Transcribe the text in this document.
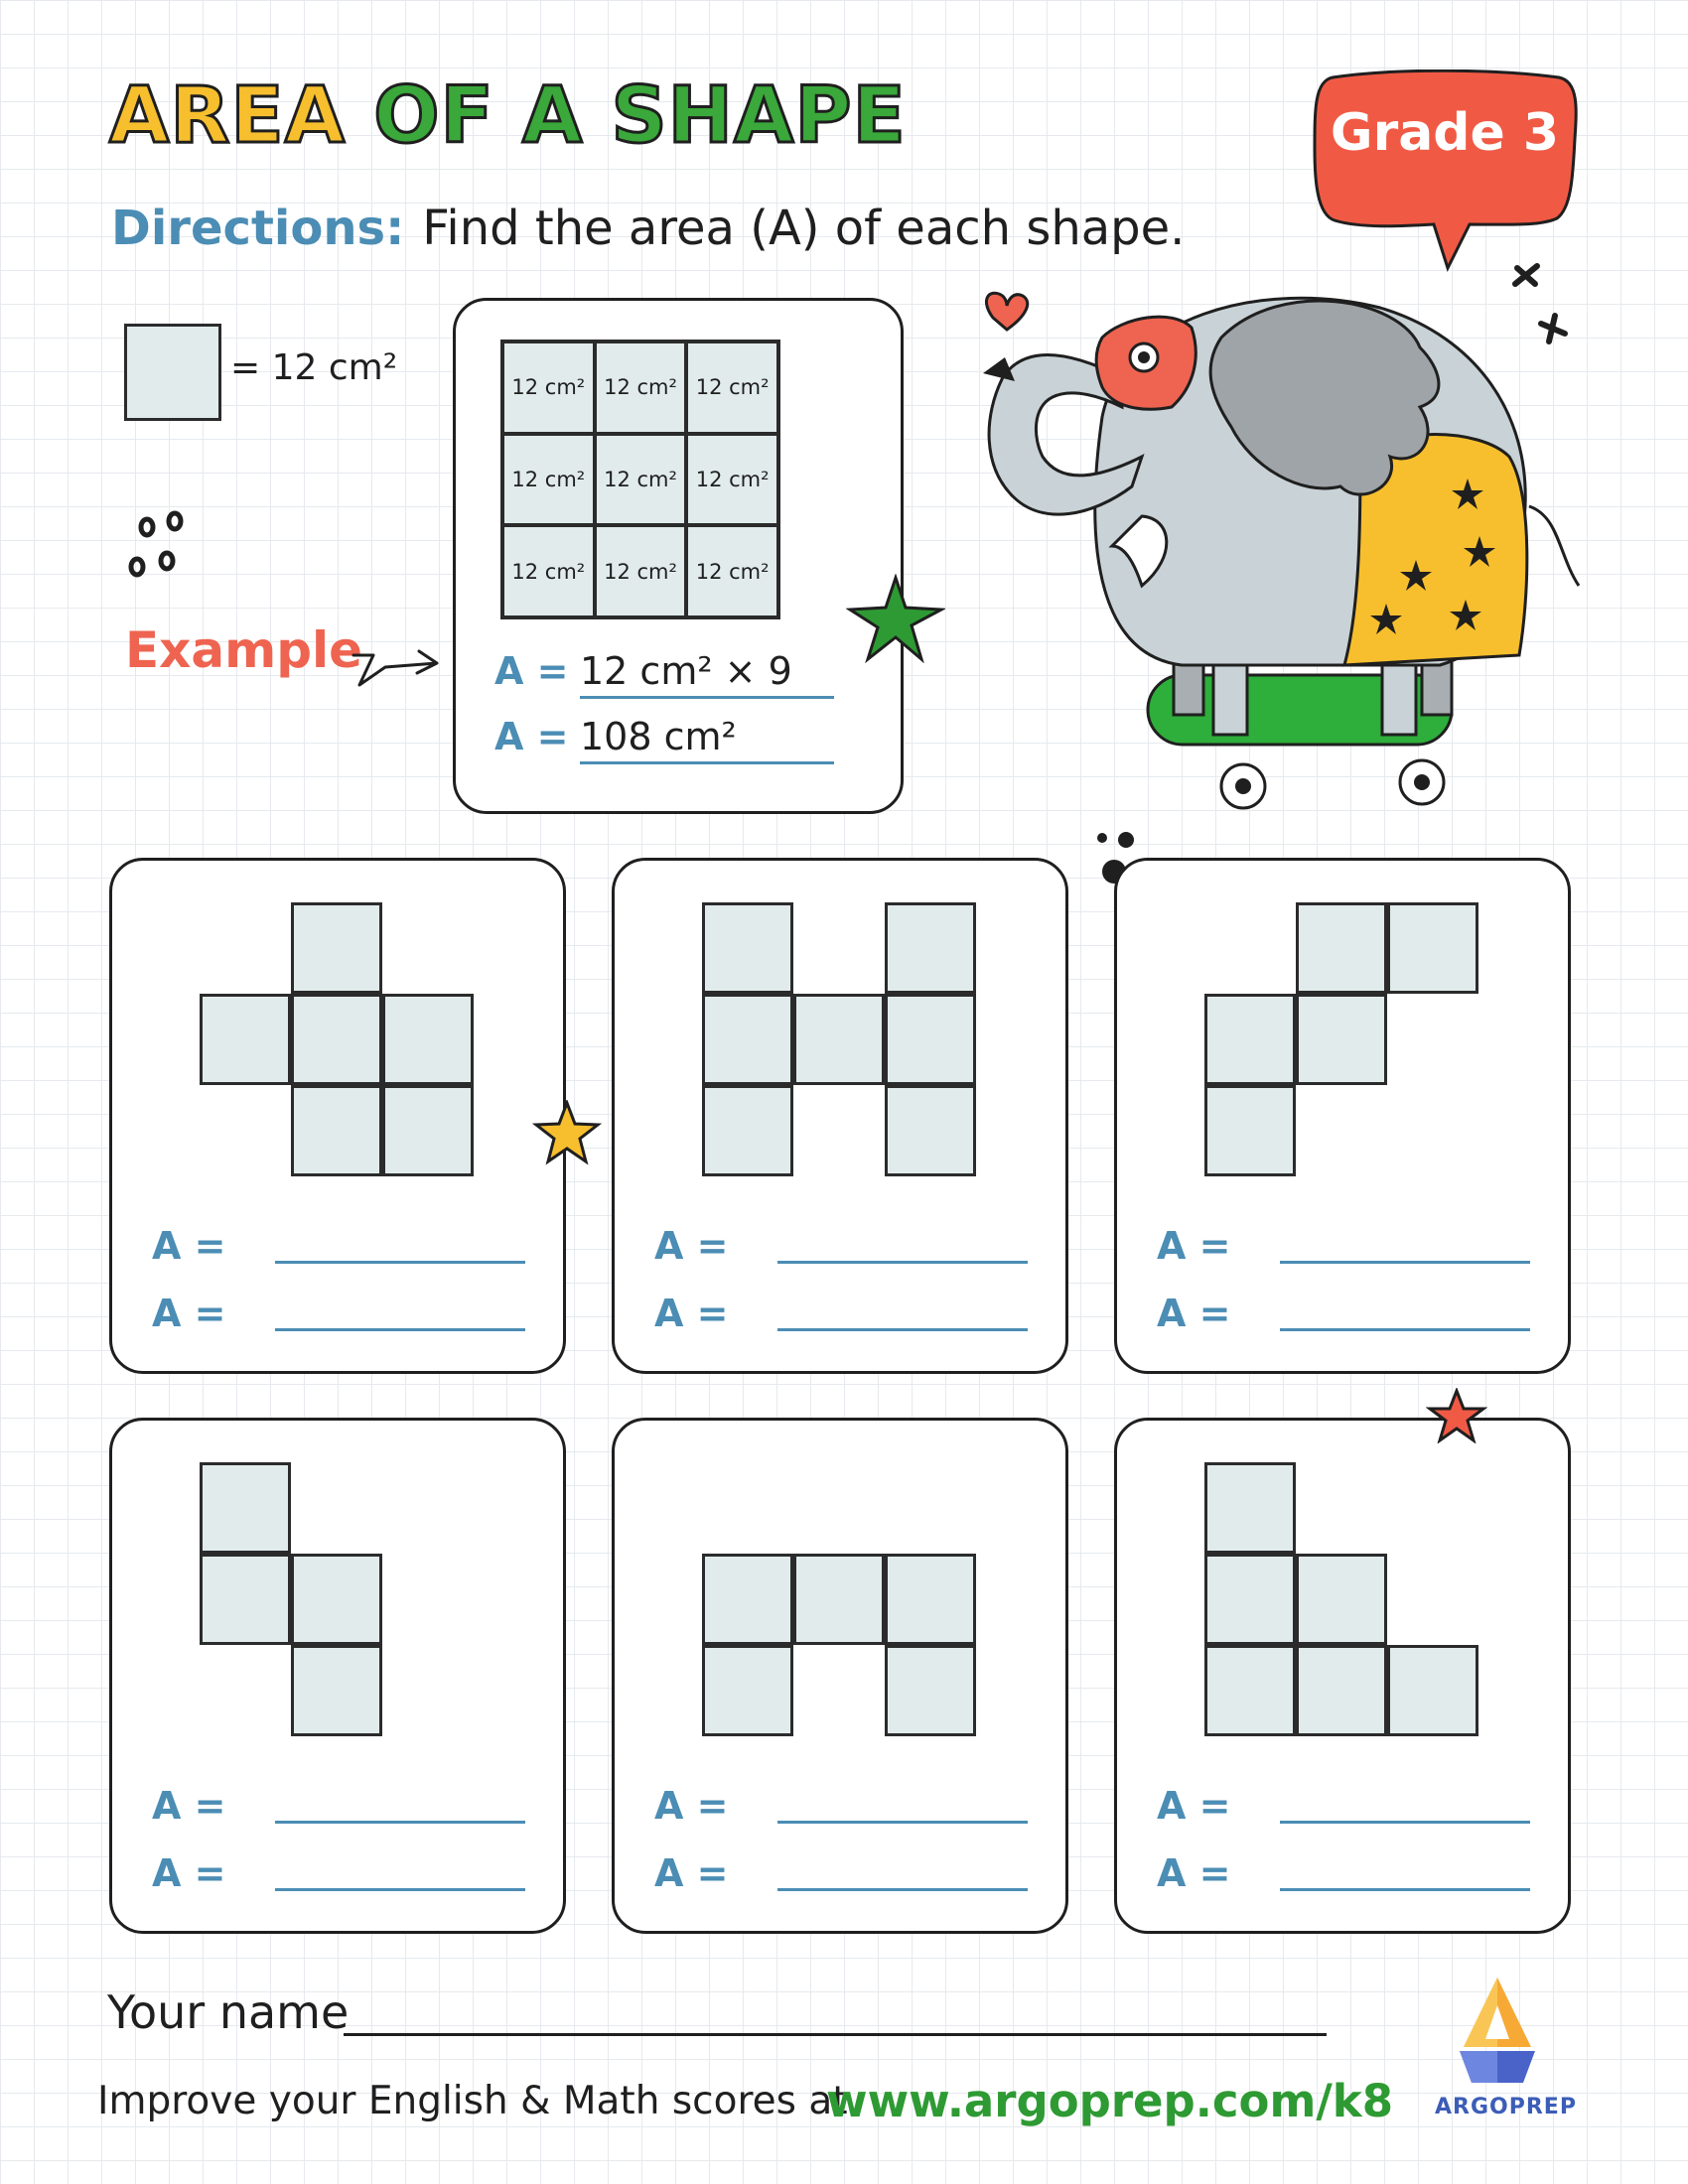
AREA OF A SHAPE	Grade 3
Directions: Find the area (A) of each shape.
= 12 cm²
Example
12 cm² 12 cm² 12 cm²
12 cm² 12 cm² 12 cm²
12 cm² 12 cm² 12 cm²
A = 12 cm² × 9
A = 108 cm²
A =
A =
A =
A =
A =
A =
A =
A =
A =
A =
A =
A =
Your name
Improve your English & Math scores at
www.argoprep.com/k8 ARGOPREP
